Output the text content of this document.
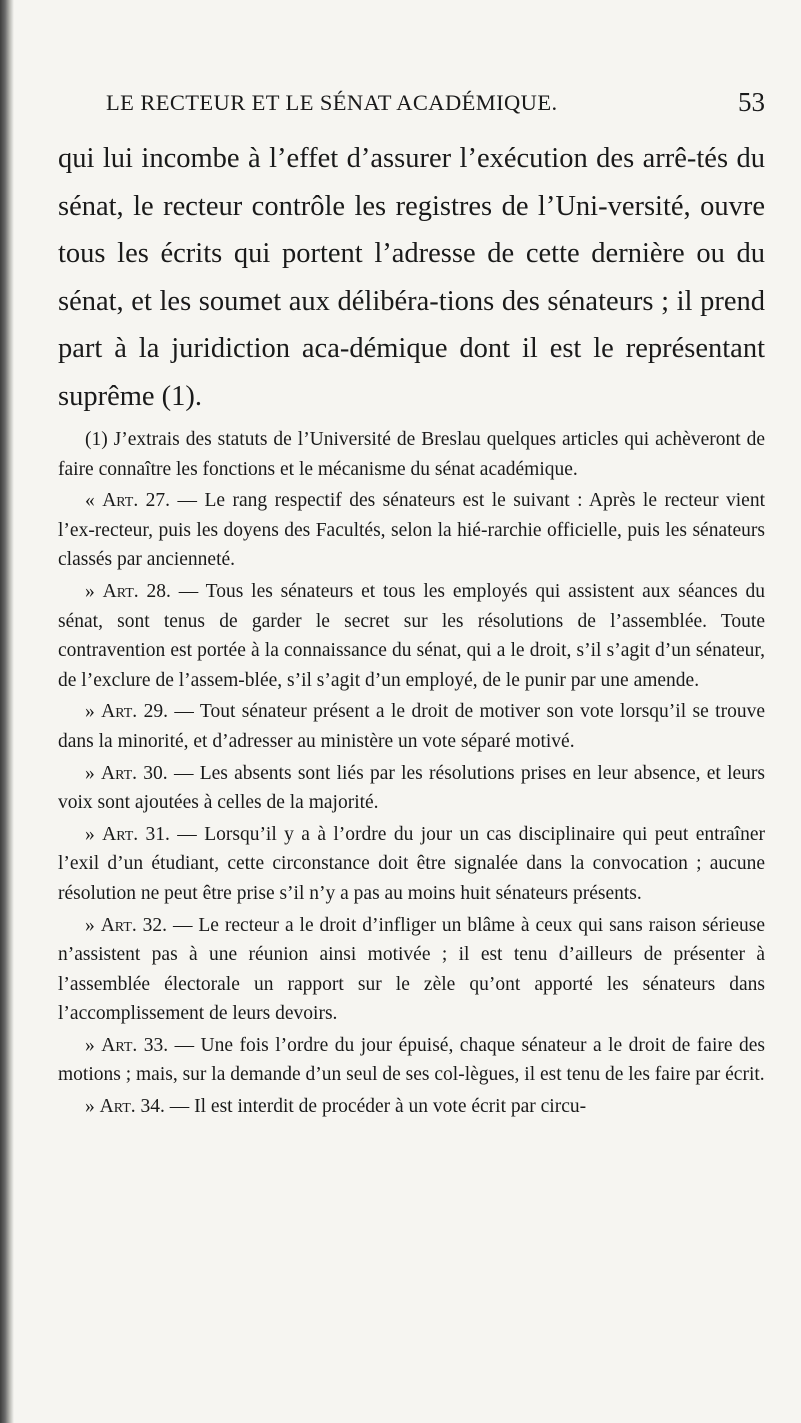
LE RECTEUR ET LE SÉNAT ACADÉMIQUE.	53

qui lui incombe à l’effet d’assurer l’exécution des arrê-tés du sénat, le recteur contrôle les registres de l’Uni-versité, ouvre tous les écrits qui portent l’adresse de cette dernière ou du sénat, et les soumet aux délibéra-tions des sénateurs ; il prend part à la juridiction aca-démique dont il est le représentant suprême (1).

(1) J’extrais des statuts de l’Université de Breslau quelques articles qui achèveront de faire connaître les fonctions et le mécanisme du sénat académique.

« Art. 27. — Le rang respectif des sénateurs est le suivant : Après le recteur vient l’ex-recteur, puis les doyens des Facultés, selon la hié-rarchie officielle, puis les sénateurs classés par ancienneté.

» Art. 28. — Tous les sénateurs et tous les employés qui assistent aux séances du sénat, sont tenus de garder le secret sur les résolutions de l’assemblée. Toute contravention est portée à la connaissance du sénat, qui a le droit, s’il s’agit d’un sénateur, de l’exclure de l’assem-blée, s’il s’agit d’un employé, de le punir par une amende.

» Art. 29. — Tout sénateur présent a le droit de motiver son vote lorsqu’il se trouve dans la minorité, et d’adresser au ministère un vote séparé motivé.

» Art. 30. — Les absents sont liés par les résolutions prises en leur absence, et leurs voix sont ajoutées à celles de la majorité.

» Art. 31. — Lorsqu’il y a à l’ordre du jour un cas disciplinaire qui peut entraîner l’exil d’un étudiant, cette circonstance doit être signalée dans la convocation ; aucune résolution ne peut être prise s’il n’y a pas au moins huit sénateurs présents.

» Art. 32. — Le recteur a le droit d’infliger un blâme à ceux qui sans raison sérieuse n’assistent pas à une réunion ainsi motivée ; il est tenu d’ailleurs de présenter à l’assemblée électorale un rapport sur le zèle qu’ont apporté les sénateurs dans l’accomplissement de leurs devoirs.

» Art. 33. — Une fois l’ordre du jour épuisé, chaque sénateur a le droit de faire des motions ; mais, sur la demande d’un seul de ses col-lègues, il est tenu de les faire par écrit.

» Art. 34. — Il est interdit de procéder à un vote écrit par circu-
